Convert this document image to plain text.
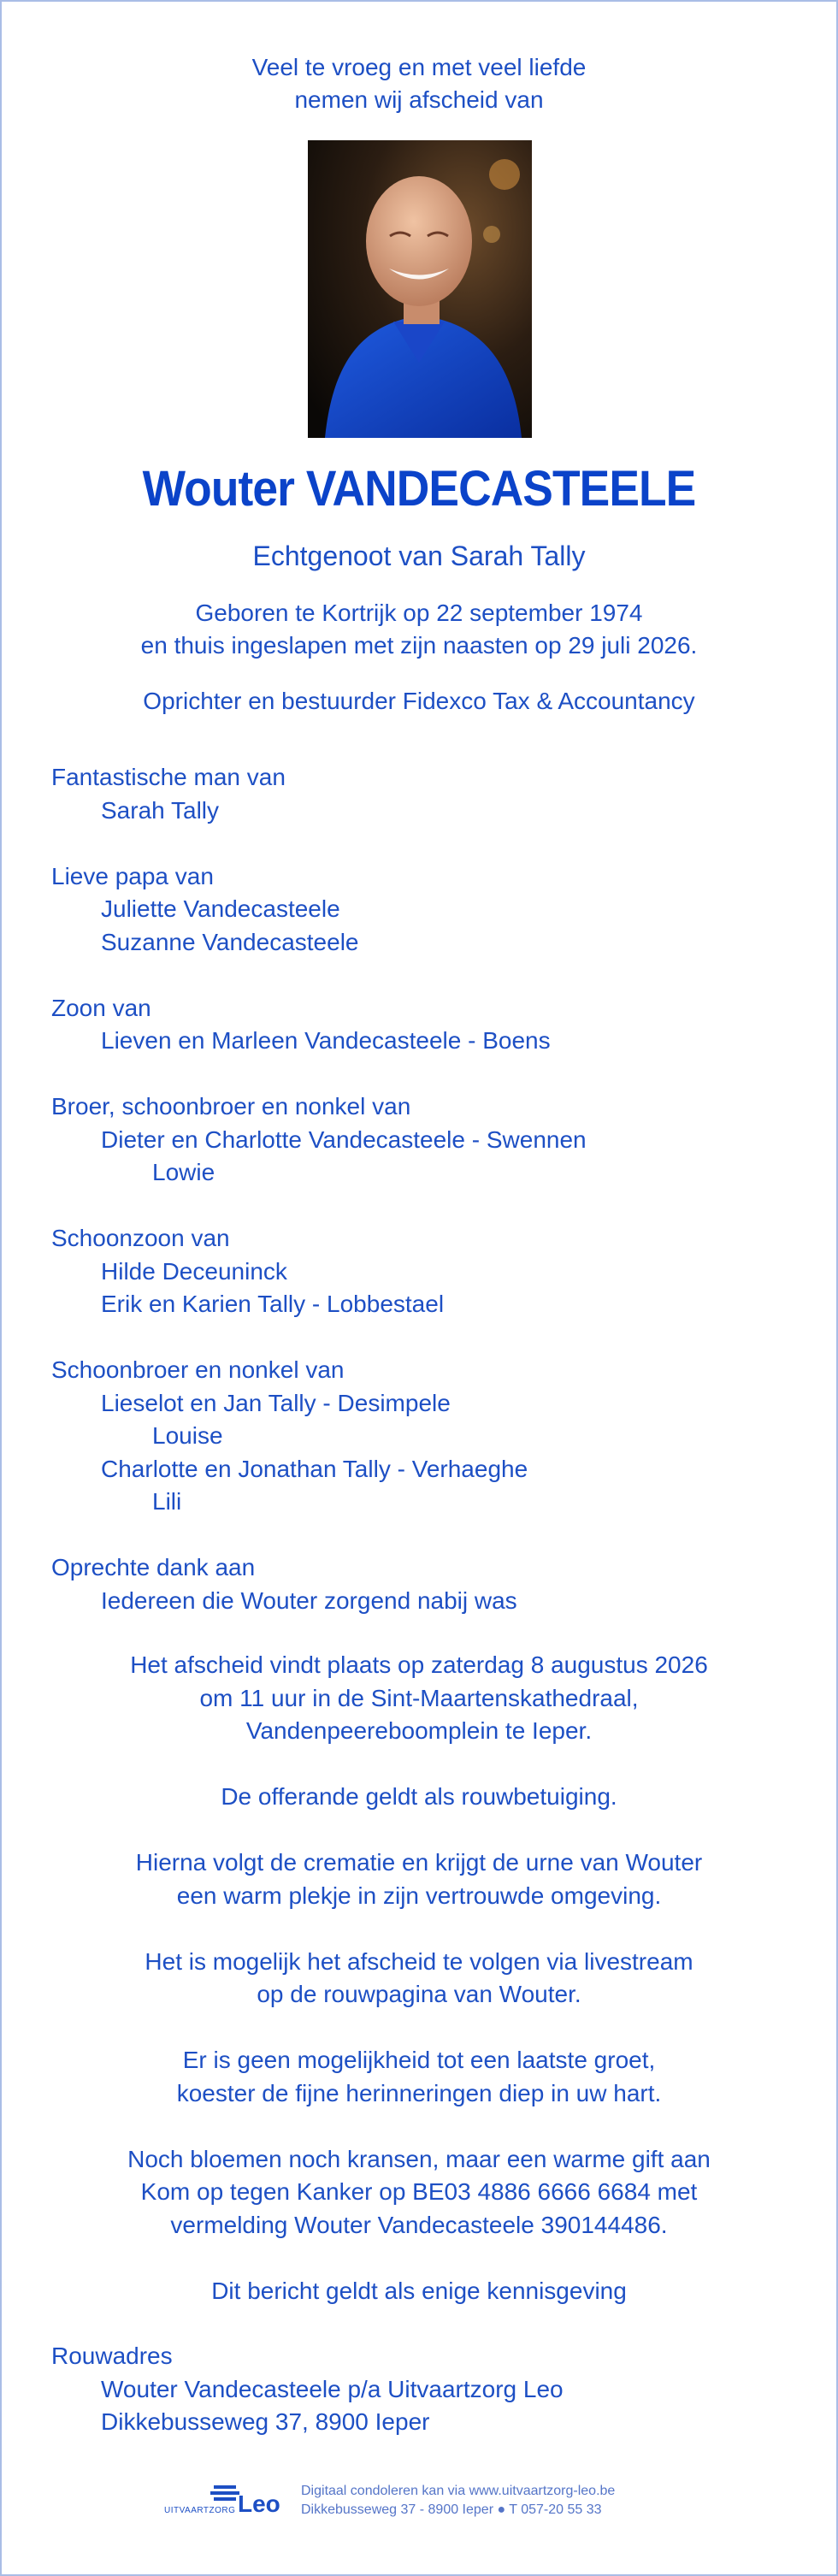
Veel te vroeg en met veel liefde
nemen wij afscheid van
Wouter VANDECASTEELE
Echtgenoot van Sarah Tally
Geboren te Kortrijk op 22 september 1974
en thuis ingeslapen met zijn naasten op 29 juli 2026.
Oprichter en bestuurder Fidexco Tax & Accountancy
Fantastische man van
Sarah Tally
Lieve papa van
Juliette Vandecasteele
Suzanne Vandecasteele
Zoon van
Lieven en Marleen Vandecasteele - Boens
Broer, schoonbroer en nonkel van
Dieter en Charlotte Vandecasteele - Swennen
Lowie
Schoonzoon van
Hilde Deceuninck
Erik en Karien Tally - Lobbestael
Schoonbroer en nonkel van
Lieselot en Jan Tally - Desimpele
Louise
Charlotte en Jonathan Tally - Verhaeghe
Lili
Oprechte dank aan
Iedereen die Wouter zorgend nabij was

Het afscheid vindt plaats op zaterdag 8 augustus 2026
om 11 uur in de Sint-Maartenskathedraal,
Vandenpeereboomplein te Ieper.

De offerande geldt als rouwbetuiging.

Hierna volgt de crematie en krijgt de urne van Wouter
een warm plekje in zijn vertrouwde omgeving.

Het is mogelijk het afscheid te volgen via livestream
op de rouwpagina van Wouter.

Er is geen mogelijkheid tot een laatste groet,
koester de fijne herinneringen diep in uw hart.

Noch bloemen noch kransen, maar een warme gift aan
Kom op tegen Kanker op BE03 4886 6666 6684 met
vermelding Wouter Vandecasteele 390144486.

Dit bericht geldt als enige kennisgeving

Rouwadres
Wouter Vandecasteele p/a Uitvaartzorg Leo
Dikkebusseweg 37, 8900 Ieper
UITVAARTZORG Leo Digitaal condoleren kan via www.uitvaartzorg-leo.be
Dikkebusseweg 37 - 8900 Ieper ● T 057-20 55 33
